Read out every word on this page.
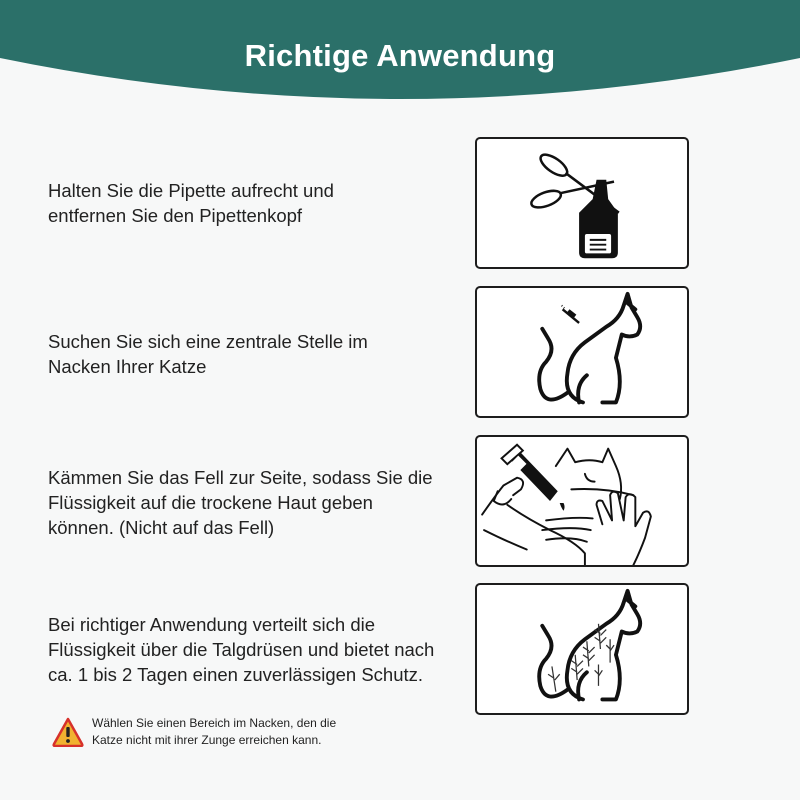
Richtige Anwendung
Halten Sie die Pipette aufrecht und
entfernen Sie den Pipettenkopf
Suchen Sie sich eine zentrale Stelle im
Nacken Ihrer Katze
Kämmen Sie das Fell zur Seite, sodass Sie die
Flüssigkeit auf die trockene Haut geben
können. (Nicht auf das Fell)
Bei richtiger Anwendung verteilt sich die
Flüssigkeit über die Talgdrüsen und bietet nach
ca. 1 bis 2 Tagen einen zuverlässigen Schutz.
Wählen Sie einen Bereich im Nacken, den die
Katze nicht mit ihrer Zunge erreichen kann.
